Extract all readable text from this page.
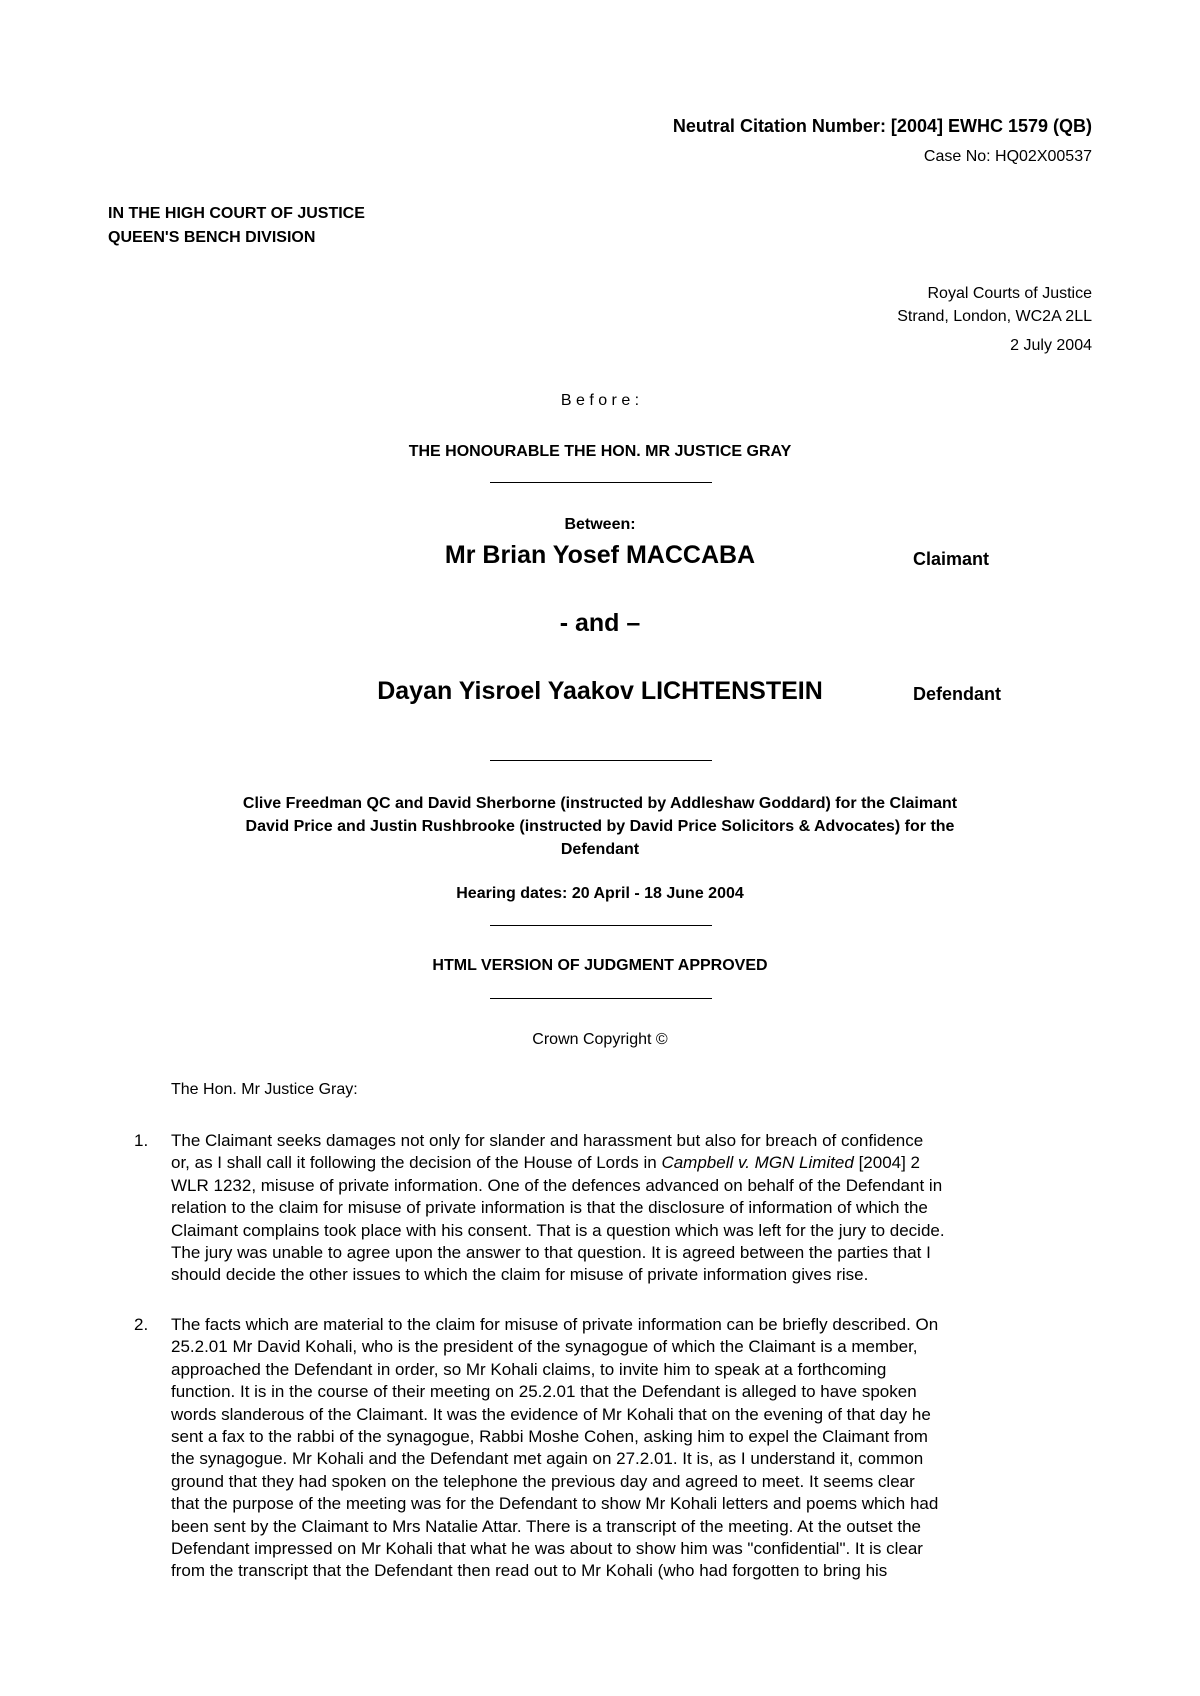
Neutral Citation Number: [2004] EWHC 1579 (QB)
Case No: HQ02X00537
IN THE HIGH COURT OF JUSTICE
QUEEN'S BENCH DIVISION
Royal Courts of Justice
Strand, London, WC2A 2LL
2 July 2004
B e f o r e :
THE HONOURABLE THE HON. MR JUSTICE GRAY
Between:
Mr Brian Yosef MACCABA	Claimant
- and –
Dayan Yisroel Yaakov LICHTENSTEIN	Defendant
Clive Freedman QC and David Sherborne (instructed by Addleshaw Goddard) for the Claimant
David Price and Justin Rushbrooke (instructed by David Price Solicitors & Advocates) for the
Defendant
Hearing dates: 20 April - 18 June 2004
HTML VERSION OF JUDGMENT APPROVED
Crown Copyright ©
The Hon. Mr Justice Gray:
1. The Claimant seeks damages not only for slander and harassment but also for breach of confidence
or, as I shall call it following the decision of the House of Lords in Campbell v. MGN Limited [2004] 2
WLR 1232, misuse of private information. One of the defences advanced on behalf of the Defendant in
relation to the claim for misuse of private information is that the disclosure of information of which the
Claimant complains took place with his consent. That is a question which was left for the jury to decide.
The jury was unable to agree upon the answer to that question. It is agreed between the parties that I
should decide the other issues to which the claim for misuse of private information gives rise.
2. The facts which are material to the claim for misuse of private information can be briefly described. On
25.2.01 Mr David Kohali, who is the president of the synagogue of which the Claimant is a member,
approached the Defendant in order, so Mr Kohali claims, to invite him to speak at a forthcoming
function. It is in the course of their meeting on 25.2.01 that the Defendant is alleged to have spoken
words slanderous of the Claimant. It was the evidence of Mr Kohali that on the evening of that day he
sent a fax to the rabbi of the synagogue, Rabbi Moshe Cohen, asking him to expel the Claimant from
the synagogue. Mr Kohali and the Defendant met again on 27.2.01. It is, as I understand it, common
ground that they had spoken on the telephone the previous day and agreed to meet. It seems clear
that the purpose of the meeting was for the Defendant to show Mr Kohali letters and poems which had
been sent by the Claimant to Mrs Natalie Attar. There is a transcript of the meeting. At the outset the
Defendant impressed on Mr Kohali that what he was about to show him was "confidential". It is clear
from the transcript that the Defendant then read out to Mr Kohali (who had forgotten to bring his
